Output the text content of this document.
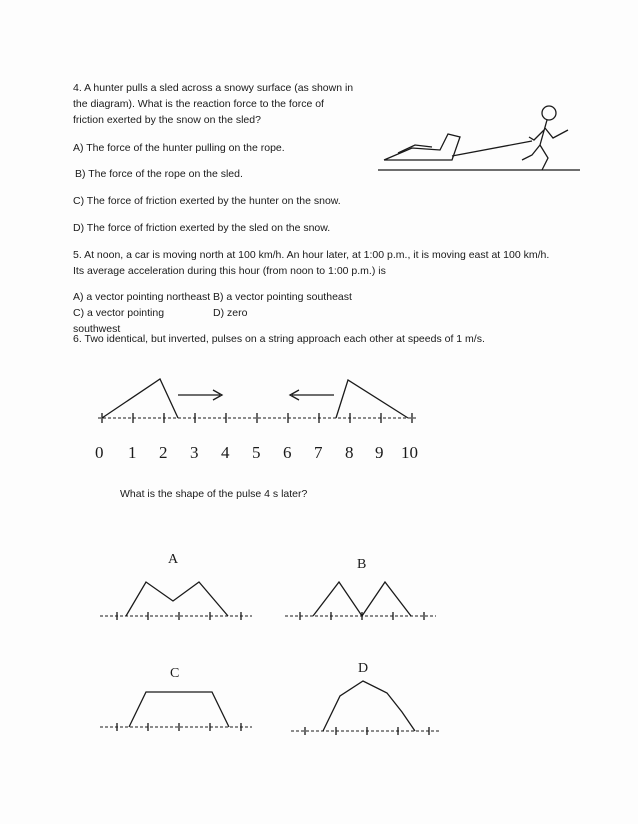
4. A hunter pulls a sled across a snowy surface (as shown in
the diagram). What is the reaction force to the force of
friction exerted by the snow on the sled?
A) The force of the hunter pulling on the rope.
B) The force of the rope on the sled.
C) The force of friction exerted by the hunter on the snow.
D) The force of friction exerted by the sled on the snow.
5. At noon, a car is moving north at 100 km/h. An hour later, at 1:00 p.m., it is moving east at 100 km/h.
Its average acceleration during this hour (from noon to 1:00 p.m.) is
A) a vector pointing northeast B) a vector pointing southeast
C) a vector pointing southwest
D) zero
6. Two identical, but inverted, pulses on a string approach each other at speeds of 1 m/s.
0 1 2 3 4 5 6 7 8 9 10
What is the shape of the pulse 4 s later?
A	B
C	D
